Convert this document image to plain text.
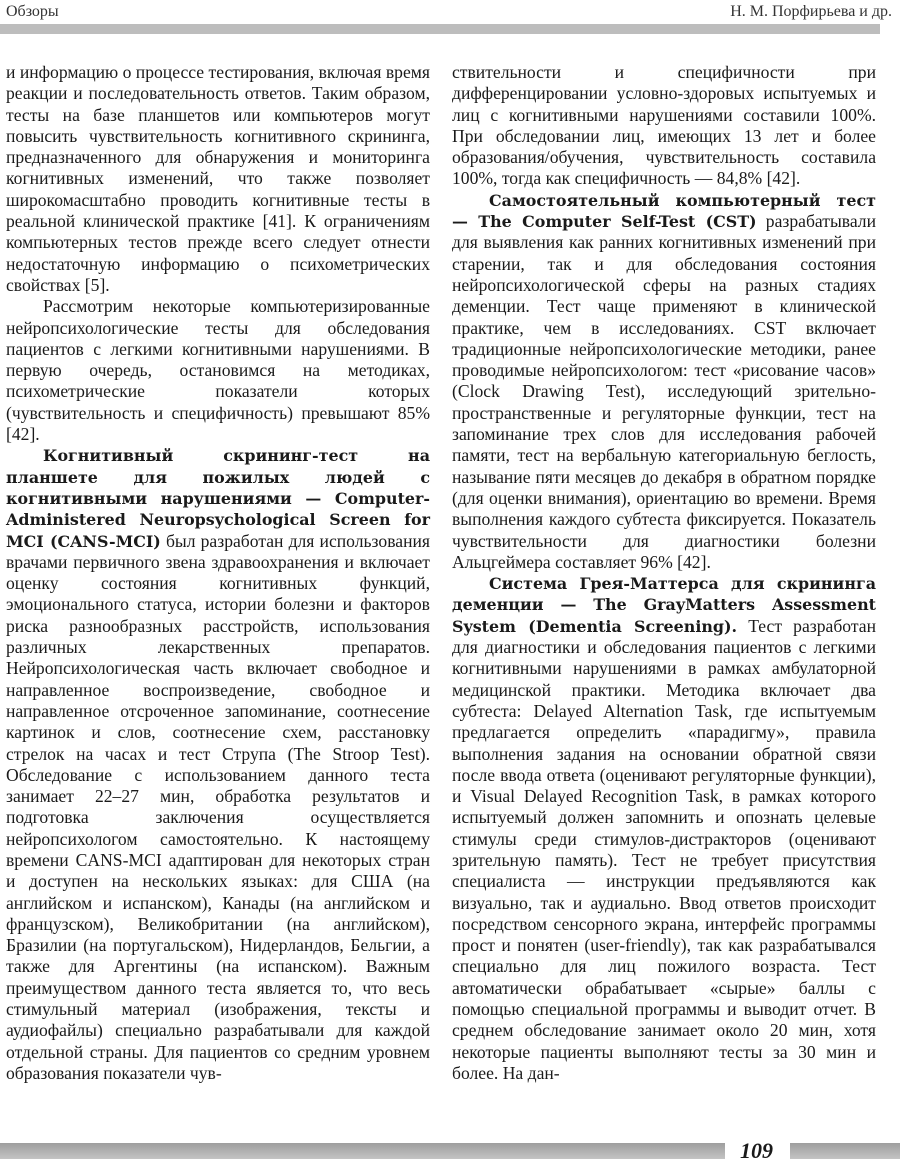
Обзоры	Н. М. Порфирьева и др.

и информацию о процессе тестирования, включая время реакции и последовательность ответов. Таким образом, тесты на базе планшетов или компьютеров могут повысить чувствительность когнитивного скрининга, предназначенного для обнаружения и мониторинга когнитивных изменений, что также позволяет широкомасштабно проводить когнитивные тесты в реальной клинической практике [41]. К ограничениям компьютерных тестов прежде всего следует отнести недостаточную информацию о психометрических свойствах [5].

Рассмотрим некоторые компьютеризированные нейропсихологические тесты для обследования пациентов с легкими когнитивными нарушениями. В первую очередь, остановимся на методиках, психометрические показатели которых (чувствительность и специфичность) превышают 85% [42].

Когнитивный скрининг-тест на планшете для пожилых людей с когнитивными нарушениями — Computer-Administered Neuropsychological Screen for MCI (CANS-MCI) был разработан для использования врачами первичного звена здравоохранения и включает оценку состояния когнитивных функций, эмоционального статуса, истории болезни и факторов риска разнообразных расстройств, использования различных лекарственных препаратов. Нейропсихологическая часть включает свободное и направленное воспроизведение, свободное и направленное отсроченное запоминание, соотнесение картинок и слов, соотнесение схем, расстановку стрелок на часах и тест Струпа (The Stroop Test). Обследование с использованием данного теста занимает 22–27 мин, обработка результатов и подготовка заключения осуществляется нейропсихологом самостоятельно. К настоящему времени CANS-MCI адаптирован для некоторых стран и доступен на нескольких языках: для США (на английском и испанском), Канады (на английском и французском), Великобритании (на английском), Бразилии (на португальском), Нидерландов, Бельгии, а также для Аргентины (на испанском). Важным преимуществом данного теста является то, что весь стимульный материал (изображения, тексты и аудиофайлы) специально разрабатывали для каждой отдельной страны. Для пациентов со средним уровнем образования показатели чув-

ствительности и специфичности при дифференцировании условно-здоровых испытуемых и лиц с когнитивными нарушениями составили 100%. При обследовании лиц, имеющих 13 лет и более образования/обучения, чувствительность составила 100%, тогда как специфичность — 84,8% [42].

Самостоятельный компьютерный тест — The Computer Self-Test (CST) разрабатывали для выявления как ранних когнитивных изменений при старении, так и для обследования состояния нейропсихологической сферы на разных стадиях деменции. Тест чаще применяют в клинической практике, чем в исследованиях. CST включает традиционные нейропсихологические методики, ранее проводимые нейропсихологом: тест «рисование часов» (Clock Drawing Test), исследующий зрительно-пространственные и регуляторные функции, тест на запоминание трех слов для исследования рабочей памяти, тест на вербальную категориальную беглость, называние пяти месяцев до декабря в обратном порядке (для оценки внимания), ориентацию во времени. Время выполнения каждого субтеста фиксируется. Показатель чувствительности для диагностики болезни Альцгеймера составляет 96% [42].

Система Грея-Маттерса для скрининга деменции — The GrayMatters Assessment System (Dementia Screening). Тест разработан для диагностики и обследования пациентов с легкими когнитивными нарушениями в рамках амбулаторной медицинской практики. Методика включает два субтеста: Delayed Alternation Task, где испытуемым предлагается определить «парадигму», правила выполнения задания на основании обратной связи после ввода ответа (оценивают регуляторные функции), и Visual Delayed Recognition Task, в рамках которого испытуемый должен запомнить и опознать целевые стимулы среди стимулов-дистракторов (оценивают зрительную память). Тест не требует присутствия специалиста — инструкции предъявляются как визуально, так и аудиально. Ввод ответов происходит посредством сенсорного экрана, интерфейс программы прост и понятен (user-friendly), так как разрабатывался специально для лиц пожилого возраста. Тест автоматически обрабатывает «сырые» баллы с помощью специальной программы и выводит отчет. В среднем обследование занимает около 20 мин, хотя некоторые пациенты выполняют тесты за 30 мин и более. На дан-

109
